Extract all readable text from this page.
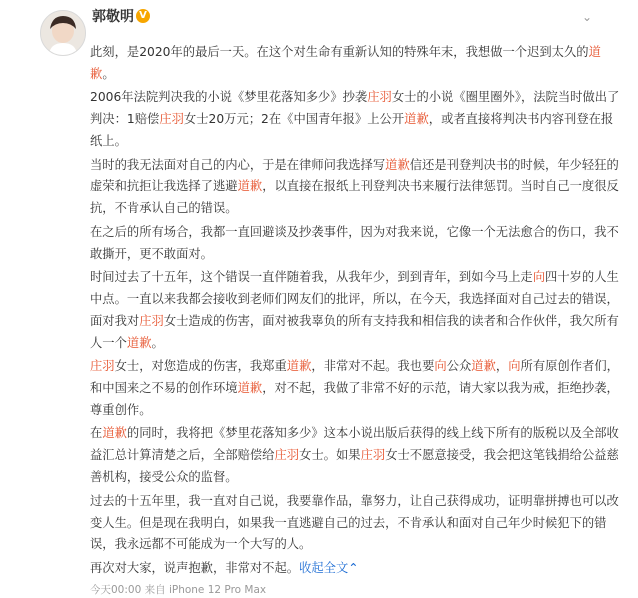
郭敬明 V	⌄

此刻，是2020年的最后一天。在这个对生命有重新认知的特殊年末，我想做一个迟到太久的道歉。

2006年法院判决我的小说《梦里花落知多少》抄袭庄羽女士的小说《圈里圈外》，法院当时做出了判决：1赔偿庄羽女士20万元；2在《中国青年报》上公开道歉，或者直接将判决书内容刊登在报纸上。

当时的我无法面对自己的内心，于是在律师问我选择写道歉信还是刊登判决书的时候，年少轻狂的虚荣和抗拒让我选择了逃避道歉，以直接在报纸上刊登判决书来履行法律惩罚。当时自己一度很反抗，不肯承认自己的错误。

在之后的所有场合，我都一直回避谈及抄袭事件，因为对我来说，它像一个无法愈合的伤口，我不敢撕开，更不敢面对。

时间过去了十五年，这个错误一直伴随着我，从我年少，到到青年，到如今马上走向四十岁的人生中点。一直以来我都会接收到老师们网友们的批评，所以，在今天，我选择面对自己过去的错误，面对我对庄羽女士造成的伤害，面对被我辜负的所有支持我和相信我的读者和合作伙伴，我欠所有人一个道歉。

庄羽女士，对您造成的伤害，我郑重道歉，非常对不起。我也要向公众道歉，向所有原创作者们，和中国来之不易的创作环境道歉，对不起，我做了非常不好的示范，请大家以我为戒，拒绝抄袭，尊重创作。

在道歉的同时，我将把《梦里花落知多少》这本小说出版后获得的线上线下所有的版税以及全部收益汇总计算清楚之后，全部赔偿给庄羽女士。如果庄羽女士不愿意接受，我会把这笔钱捐给公益慈善机构，接受公众的监督。

过去的十五年里，我一直对自己说，我要靠作品，靠努力，让自己获得成功，证明靠拼搏也可以改变人生。但是现在我明白，如果我一直逃避自己的过去，不肯承认和面对自己年少时候犯下的错误，我永远都不可能成为一个大写的人。

再次对大家，说声抱歉，非常对不起。收起全文⌃

今天00:00 来自 iPhone 12 Pro Max
